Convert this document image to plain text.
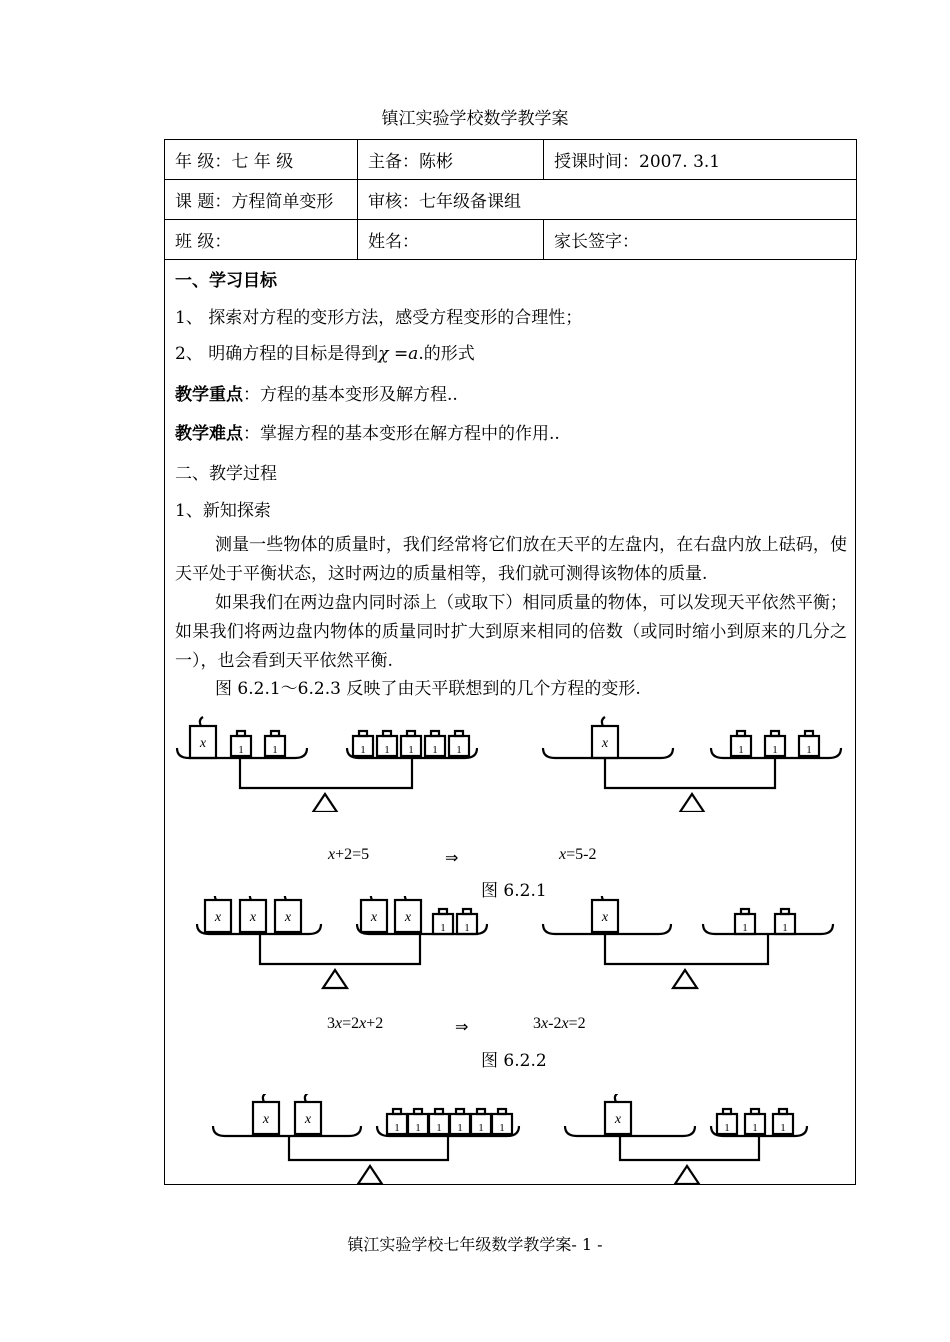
镇江实验学校数学教学案
年 级：七 年 级	主备：陈彬	授课时间：2007. 3.1
课 题：方程简单变形	审核：七年级备课组	
班 级：	姓名：	家长签字：
一、学习目标
1、 探索对方程的变形方法，感受方程变形的合理性；
2、 明确方程的目标是得到χ =a.的形式
教学重点：方程的基本变形及解方程..
教学难点：掌握方程的基本变形在解方程中的作用..
二、教学过程
1、新知探索
测量一些物体的质量时，我们经常将它们放在天平的左盘内，在右盘内放上砝码，使天平处于平衡状态，这时两边的质量相等，我们就可测得该物体的质量.
如果我们在两边盘内同时添上（或取下）相同质量的物体，可以发现天平依然平衡；如果我们将两边盘内物体的质量同时扩大到原来相同的倍数（或同时缩小到原来的几分之一），也会看到天平依然平衡.
图 6.2.1～6.2.3 反映了由天平联想到的几个方程的变形.
x	1	1	1 1 1 1 1	x	1	1	1
x+2=5	⇒	x=5-2
图 6.2.1
x x x	x x
1 1
x
1	1
3x=2x+2	⇒	3x-2x=2
图 6.2.2
x	x
1 1 1 1 1 1
x
1 1 1
镇江实验学校七年级数学教学案- 1 -
